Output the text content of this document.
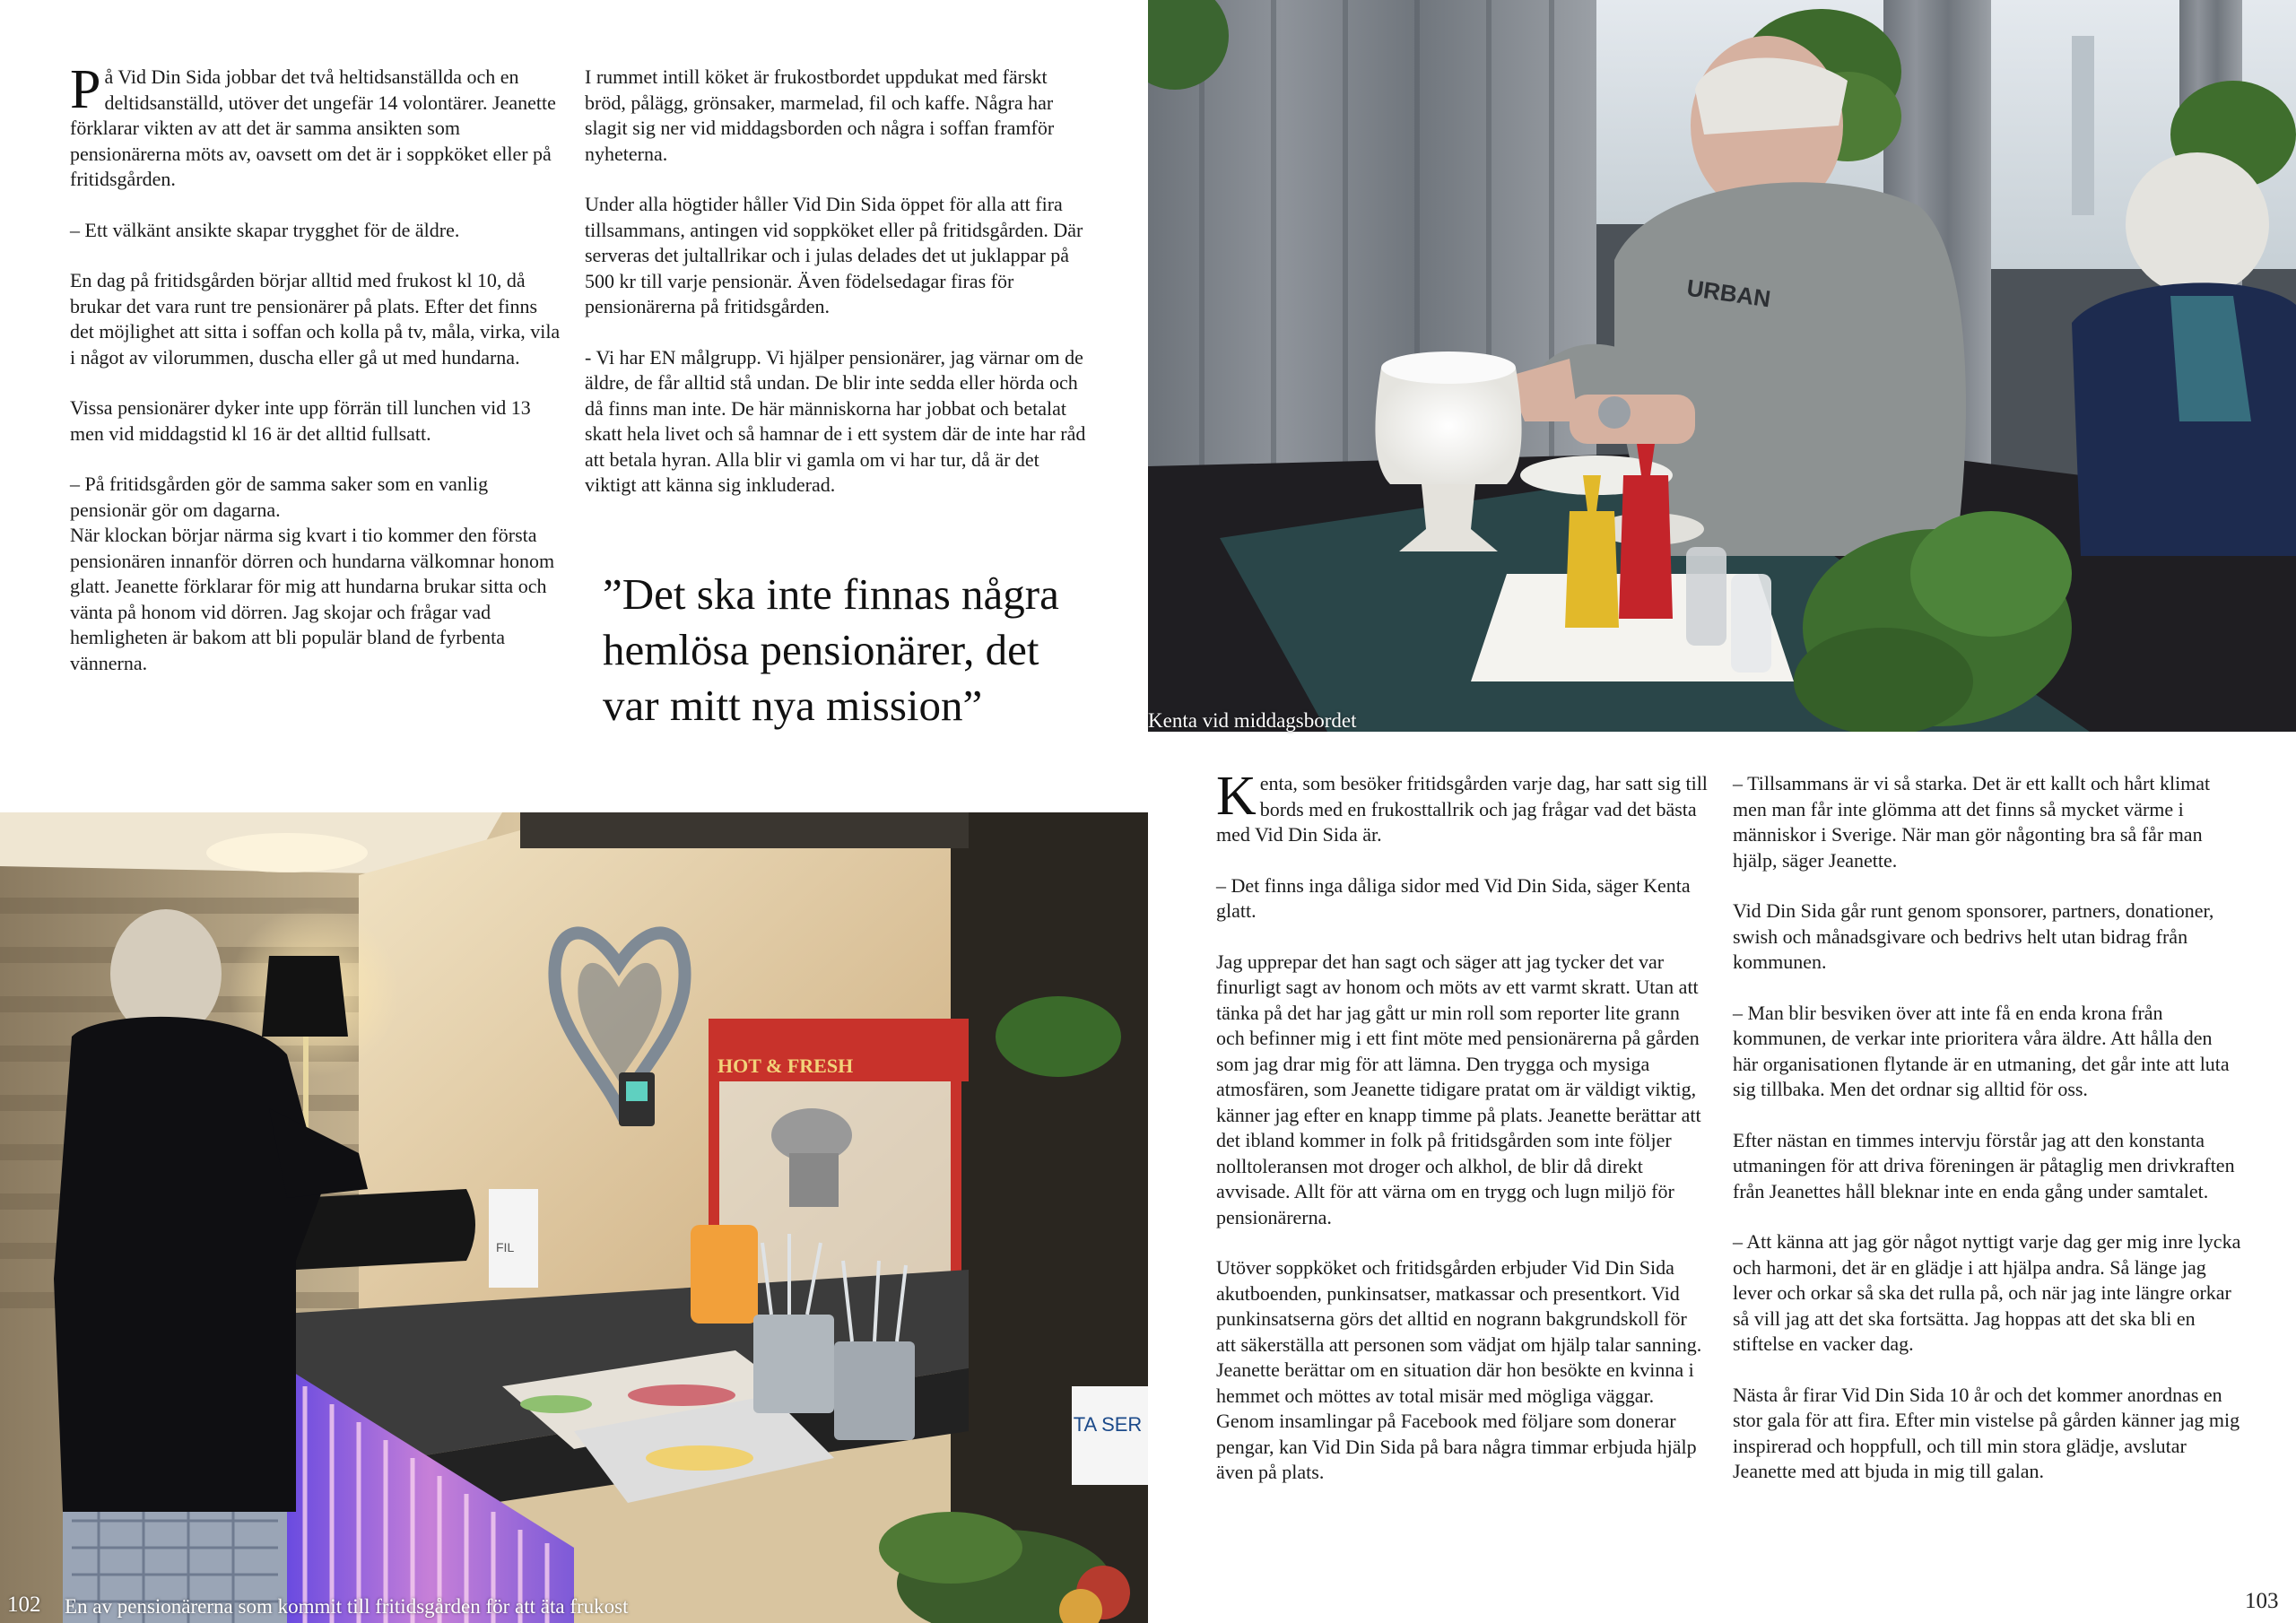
På Vid Din Sida jobbar det två heltidsanställda och en deltidsanställd, utöver det ungefär 14 volontärer. Jeanette förklarar vikten av att det är samma ansikten som pensionärerna möts av, oavsett om det är i soppköket eller på fritidsgården.

– Ett välkänt ansikte skapar trygghet för de äldre.

En dag på fritidsgården börjar alltid med frukost kl 10, då brukar det vara runt tre pensionärer på plats. Efter det finns det möjlighet att sitta i soffan och kolla på tv, måla, virka, vila i något av vilorummen, duscha eller gå ut med hundarna.

Vissa pensionärer dyker inte upp förrän till lunchen vid 13 men vid middagstid kl 16 är det alltid fullsatt.

– På fritidsgården gör de samma saker som en vanlig pensionär gör om dagarna.

När klockan börjar närma sig kvart i tio kommer den första pensionären innanför dörren och hundarna välkomnar honom glatt. Jeanette förklarar för mig att hundarna brukar sitta och vänta på honom vid dörren. Jag skojar och frågar vad hemligheten är bakom att bli populär bland de fyrbenta vännerna.

I rummet intill köket är frukostbordet uppdukat med färskt bröd, pålägg, grönsaker, marmelad, fil och kaffe. Några har slagit sig ner vid middagsborden och några i soffan framför nyheterna.

Under alla högtider håller Vid Din Sida öppet för alla att fira tillsammans, antingen vid soppköket eller på fritidsgården. Där serveras det jultallrikar och i julas delades det ut juklappar på 500 kr till varje pensionär. Även födelsedagar firas för pensionärerna på fritidsgården.

- Vi har EN målgrupp. Vi hjälper pensionärer, jag värnar om de äldre, de får alltid stå undan. De blir inte sedda eller hörda och då finns man inte. De här människorna har jobbat och betalat skatt hela livet och så hamnar de i ett system där de inte har råd att betala hyran. Alla blir vi gamla om vi har tur, då är det viktigt att känna sig inkluderad.

”Det ska inte finnas några hemlösa pensionärer, det var mitt nya mission”

HOT & FRESH
FIL
TA SER
En av pensionärerna som kommit till fritidsgården för att äta frukost
102
URBAN
Kenta vid middagsbordet

Kenta, som besöker fritidsgården varje dag, har satt sig till bords med en frukosttallrik och jag frågar vad det bästa med Vid Din Sida är.

– Det finns inga dåliga sidor med Vid Din Sida, säger Kenta glatt.

Jag upprepar det han sagt och säger att jag tycker det var finurligt sagt av honom och möts av ett varmt skratt. Utan att tänka på det har jag gått ur min roll som reporter lite grann och befinner mig i ett fint möte med pensionärerna på gården som jag drar mig för att lämna. Den trygga och mysiga atmosfären, som Jeanette tidigare pratat om är väldigt viktig, känner jag efter en knapp timme på plats. Jeanette berättar att det ibland kommer in folk på fritidsgården som inte följer nolltoleransen mot droger och alkhol, de blir då direkt avvisade. Allt för att värna om en trygg och lugn miljö för pensionärerna.

Utöver soppköket och fritidsgården erbjuder Vid Din Sida akutboenden, punkinsatser, matkassar och presentkort. Vid punkinsatserna görs det alltid en nogrann bakgrundskoll för att säkerställa att personen som vädjat om hjälp talar sanning. Jeanette berättar om en situation där hon besökte en kvinna i hemmet och möttes av total misär med mögliga väggar.

Genom insamlingar på Facebook med följare som donerar pengar, kan Vid Din Sida på bara några timmar erbjuda hjälp även på plats.

– Tillsammans är vi så starka. Det är ett kallt och hårt klimat men man får inte glömma att det finns så mycket värme i människor i Sverige. När man gör någonting bra så får man hjälp, säger Jeanette.

Vid Din Sida går runt genom sponsorer, partners, donationer, swish och månadsgivare och bedrivs helt utan bidrag från kommunen.

– Man blir besviken över att inte få en enda krona från kommunen, de verkar inte prioritera våra äldre. Att hålla den här organisationen flytande är en utmaning, det går inte att luta sig tillbaka. Men det ordnar sig alltid för oss.

Efter nästan en timmes intervju förstår jag att den konstanta utmaningen för att driva föreningen är påtaglig men drivkraften från Jeanettes håll bleknar inte en enda gång under samtalet.

– Att känna att jag gör något nyttigt varje dag ger mig inre lycka och harmoni, det är en glädje i att hjälpa andra. Så länge jag lever och orkar så ska det rulla på, och när jag inte längre orkar så vill jag att det ska fortsätta. Jag hoppas att det ska bli en stiftelse en vacker dag.

Nästa år firar Vid Din Sida 10 år och det kommer anordnas en stor gala för att fira. Efter min vistelse på gården känner jag mig inspirerad och hoppfull, och till min stora glädje, avslutar Jeanette med att bjuda in mig till galan.

103
